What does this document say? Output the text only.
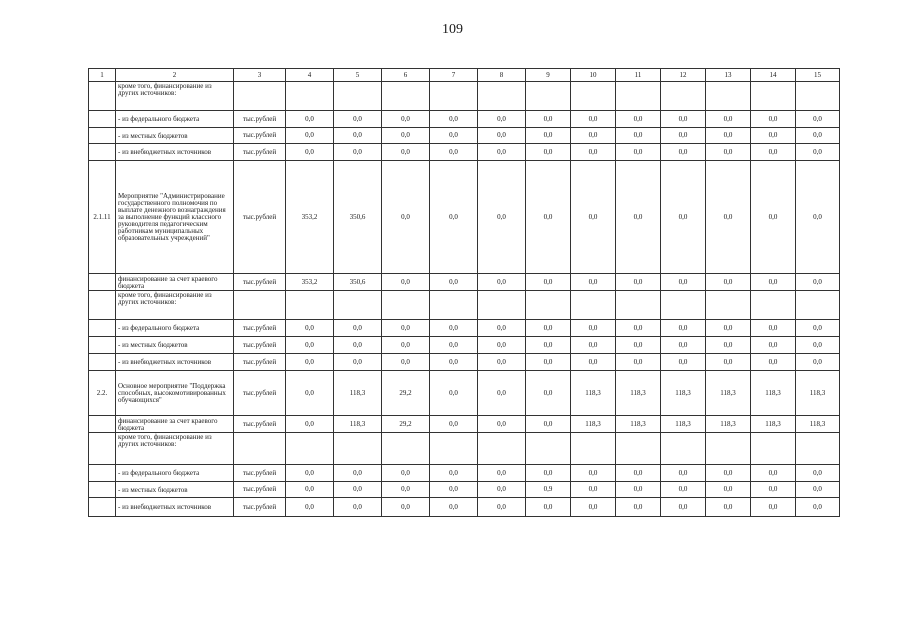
109
1	2	3	4	5	6	7	8	9	10	11	12	13	14	15
	кроме того, финансирование из других источников:													
	- из федерального бюджета	тыс.рублей	0,0	0,0	0,0	0,0	0,0	0,0	0,0	0,0	0,0	0,0	0,0	0,0
	- из местных бюджетов	тыс.рублей	0,0	0,0	0,0	0,0	0,0	0,0	0,0	0,0	0,0	0,0	0,0	0,0
	- из внебюджетных источников	тыс.рублей	0,0	0,0	0,0	0,0	0,0	0,0	0,0	0,0	0,0	0,0	0,0	0,0
2.1.11	Мероприятие "Администрирование государственного полномочия по выплате денежного вознаграждения за выполнение функций классного руководителя педагогическим работникам муниципальных образовательных учреждений"	тыс.рублей	353,2	350,6	0,0	0,0	0,0	0,0	0,0	0,0	0,0	0,0	0,0	0,0
	финансирование за счет краевого бюджета	тыс.рублей	353,2	350,6	0,0	0,0	0,0	0,0	0,0	0,0	0,0	0,0	0,0	0,0
	кроме того, финансирование из других источников:													
	- из федерального бюджета	тыс.рублей	0,0	0,0	0,0	0,0	0,0	0,0	0,0	0,0	0,0	0,0	0,0	0,0
	- из местных бюджетов	тыс.рублей	0,0	0,0	0,0	0,0	0,0	0,0	0,0	0,0	0,0	0,0	0,0	0,0
	- из внебюджетных источников	тыс.рублей	0,0	0,0	0,0	0,0	0,0	0,0	0,0	0,0	0,0	0,0	0,0	0,0
2.2.	Основное мероприятие "Поддержка способных, высокомотивированных обучающихся"	тыс.рублей	0,0	118,3	29,2	0,0	0,0	0,0	118,3	118,3	118,3	118,3	118,3	118,3
	финансирование за счет краевого бюджета	тыс.рублей	0,0	118,3	29,2	0,0	0,0	0,0	118,3	118,3	118,3	118,3	118,3	118,3
	кроме того, финансирование из других источников:													
	- из федерального бюджета	тыс.рублей	0,0	0,0	0,0	0,0	0,0	0,0	0,0	0,0	0,0	0,0	0,0	0,0
	- из местных бюджетов	тыс.рублей	0,0	0,0	0,0	0,0	0,0	0,9	0,0	0,0	0,0	0,0	0,0	0,0
	- из внебюджетных источников	тыс.рублей	0,0	0,0	0,0	0,0	0,0	0,0	0,0	0,0	0,0	0,0	0,0	0,0
